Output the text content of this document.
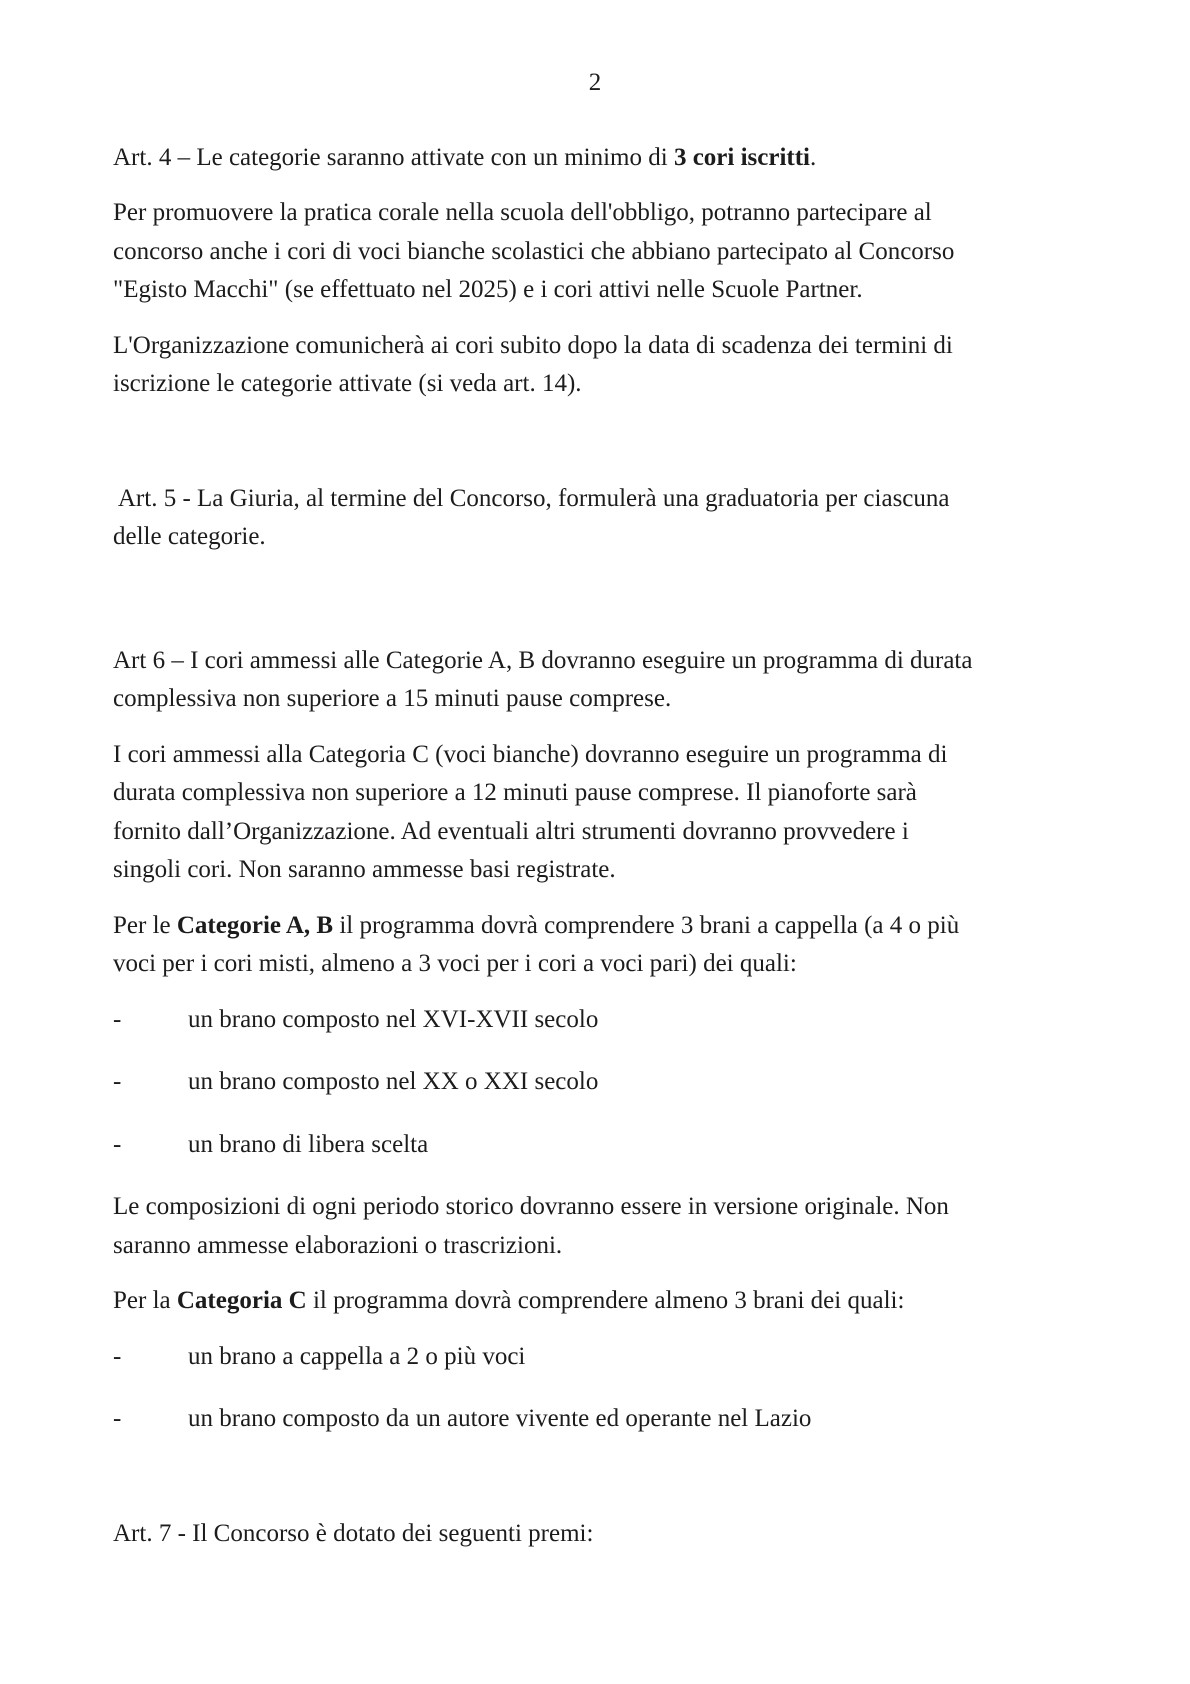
2
Art. 4 – Le categorie saranno attivate con un minimo di 3 cori iscritti.
Per promuovere la pratica corale nella scuola dell'obbligo, potranno partecipare al
concorso anche i cori di voci bianche scolastici che abbiano partecipato al Concorso
"Egisto Macchi" (se effettuato nel 2025) e i cori attivi nelle Scuole Partner.
L'Organizzazione comunicherà ai cori subito dopo la data di scadenza dei termini di
iscrizione le categorie attivate (si veda art. 14).
Art. 5 - La Giuria, al termine del Concorso, formulerà una graduatoria per ciascuna
delle categorie.
Art 6 – I cori ammessi alle Categorie A, B dovranno eseguire un programma di durata
complessiva non superiore a 15 minuti pause comprese.
I cori ammessi alla Categoria C (voci bianche) dovranno eseguire un programma di
durata complessiva non superiore a 12 minuti pause comprese. Il pianoforte sarà
fornito dall’Organizzazione. Ad eventuali altri strumenti dovranno provvedere i
singoli cori. Non saranno ammesse basi registrate.
Per le Categorie A, B il programma dovrà comprendere 3 brani a cappella (a 4 o più
voci per i cori misti, almeno a 3 voci per i cori a voci pari) dei quali:
-	un brano composto nel XVI-XVII secolo
-	un brano composto nel XX o XXI secolo
-	un brano di libera scelta
Le composizioni di ogni periodo storico dovranno essere in versione originale. Non
saranno ammesse elaborazioni o trascrizioni.
Per la Categoria C il programma dovrà comprendere almeno 3 brani dei quali:
-	un brano a cappella a 2 o più voci
-	un brano composto da un autore vivente ed operante nel Lazio
Art. 7 - Il Concorso è dotato dei seguenti premi:
